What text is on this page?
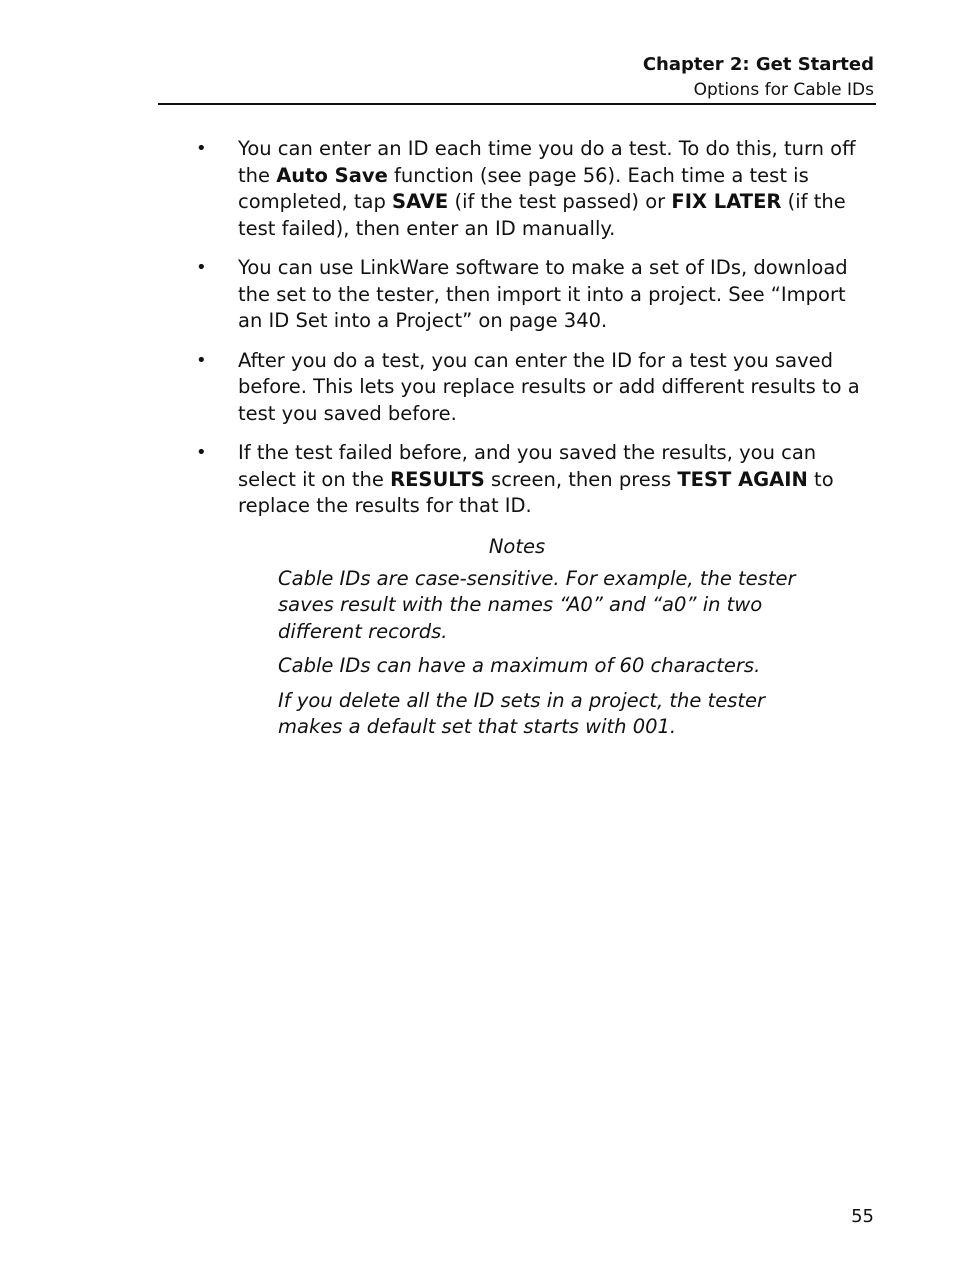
Chapter 2: Get Started
Options for Cable IDs
•	You can enter an ID each time you do a test. To do this, turn off the Auto Save function (see page 56). Each time a test is completed, tap SAVE (if the test passed) or FIX LATER (if the test failed), then enter an ID manually.
•	You can use LinkWare software to make a set of IDs, download the set to the tester, then import it into a project. See “Import an ID Set into a Project” on page 340.
•	After you do a test, you can enter the ID for a test you saved before. This lets you replace results or add different results to a test you saved before.
•	If the test failed before, and you saved the results, you can select it on the RESULTS screen, then press TEST AGAIN to replace the results for that ID.
Notes

Cable IDs are case-sensitive. For example, the tester saves result with the names “A0” and “a0” in two different records.

Cable IDs can have a maximum of 60 characters.

If you delete all the ID sets in a project, the tester makes a default set that starts with 001.

55
